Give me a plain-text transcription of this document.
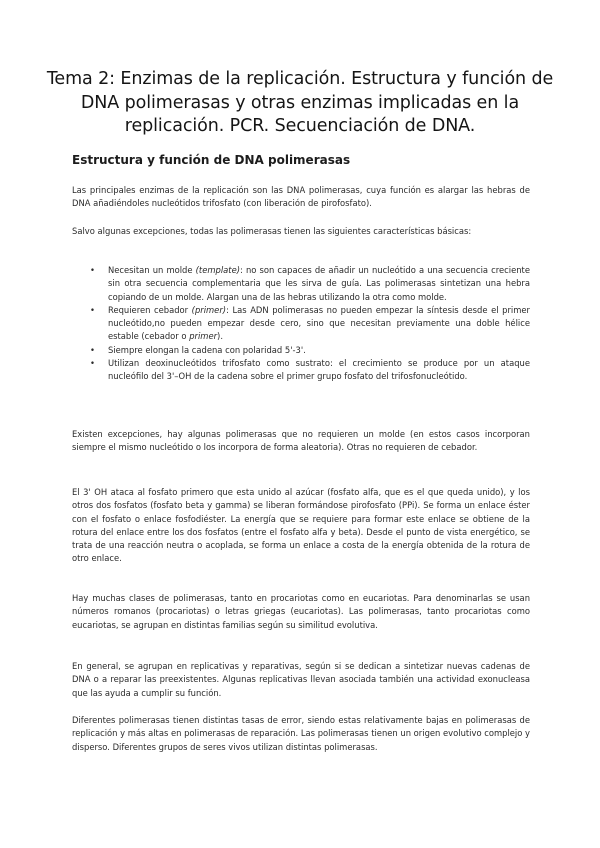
Tema 2: Enzimas de la replicación. Estructura y función de DNA polimerasas y otras enzimas implicadas en la replicación. PCR. Secuenciación de DNA.
Estructura y función de DNA polimerasas

Las principales enzimas de la replicación son las DNA polimerasas, cuya función es alargar las hebras de DNA añadiéndoles nucleótidos trifosfato (con liberación de pirofosfato).

Salvo algunas excepciones, todas las polimerasas tienen las siguientes características básicas:

• Necesitan un molde (template): no son capaces de añadir un nucleótido a una secuencia creciente sin otra secuencia complementaria que les sirva de guía. Las polimerasas sintetizan una hebra copiando de un molde. Alargan una de las hebras utilizando la otra como molde.
• Requieren cebador (primer): Las ADN polimerasas no pueden empezar la síntesis desde el primer nucleótido,no pueden empezar desde cero, sino que necesitan previamente una doble hélice estable (cebador o primer).
• Siempre elongan la cadena con polaridad 5'-3'.
• Utilizan deoxinucleótidos trifosfato como sustrato: el crecimiento se produce por un ataque nucleófilo del 3'–OH de la cadena sobre el primer grupo fosfato del trifosfonucleótido.

Existen excepciones, hay algunas polimerasas que no requieren un molde (en estos casos incorporan siempre el mismo nucleótido o los incorpora de forma aleatoria). Otras no requieren de cebador.

El 3' OH ataca al fosfato primero que esta unido al azúcar (fosfato alfa, que es el que queda unido), y los otros dos fosfatos (fosfato beta y gamma) se liberan formándose pirofosfato (PPi). Se forma un enlace éster con el fosfato o enlace fosfodiéster. La energía que se requiere para formar este enlace se obtiene de la rotura del enlace entre los dos fosfatos (entre el fosfato alfa y beta). Desde el punto de vista energético, se trata de una reacción neutra o acoplada, se forma un enlace a costa de la energía obtenida de la rotura de otro enlace.

Hay muchas clases de polimerasas, tanto en procariotas como en eucariotas. Para denominarlas se usan números romanos (procariotas) o letras griegas (eucariotas). Las polimerasas, tanto procariotas como eucariotas, se agrupan en distintas familias según su similitud evolutiva.

En general, se agrupan en replicativas y reparativas, según si se dedican a sintetizar nuevas cadenas de DNA o a reparar las preexistentes. Algunas replicativas llevan asociada también una actividad exonucleasa que las ayuda a cumplir su función.

Diferentes polimerasas tienen distintas tasas de error, siendo estas relativamente bajas en polimerasas de replicación y más altas en polimerasas de reparación. Las polimerasas tienen un origen evolutivo complejo y disperso. Diferentes grupos de seres vivos utilizan distintas polimerasas.
